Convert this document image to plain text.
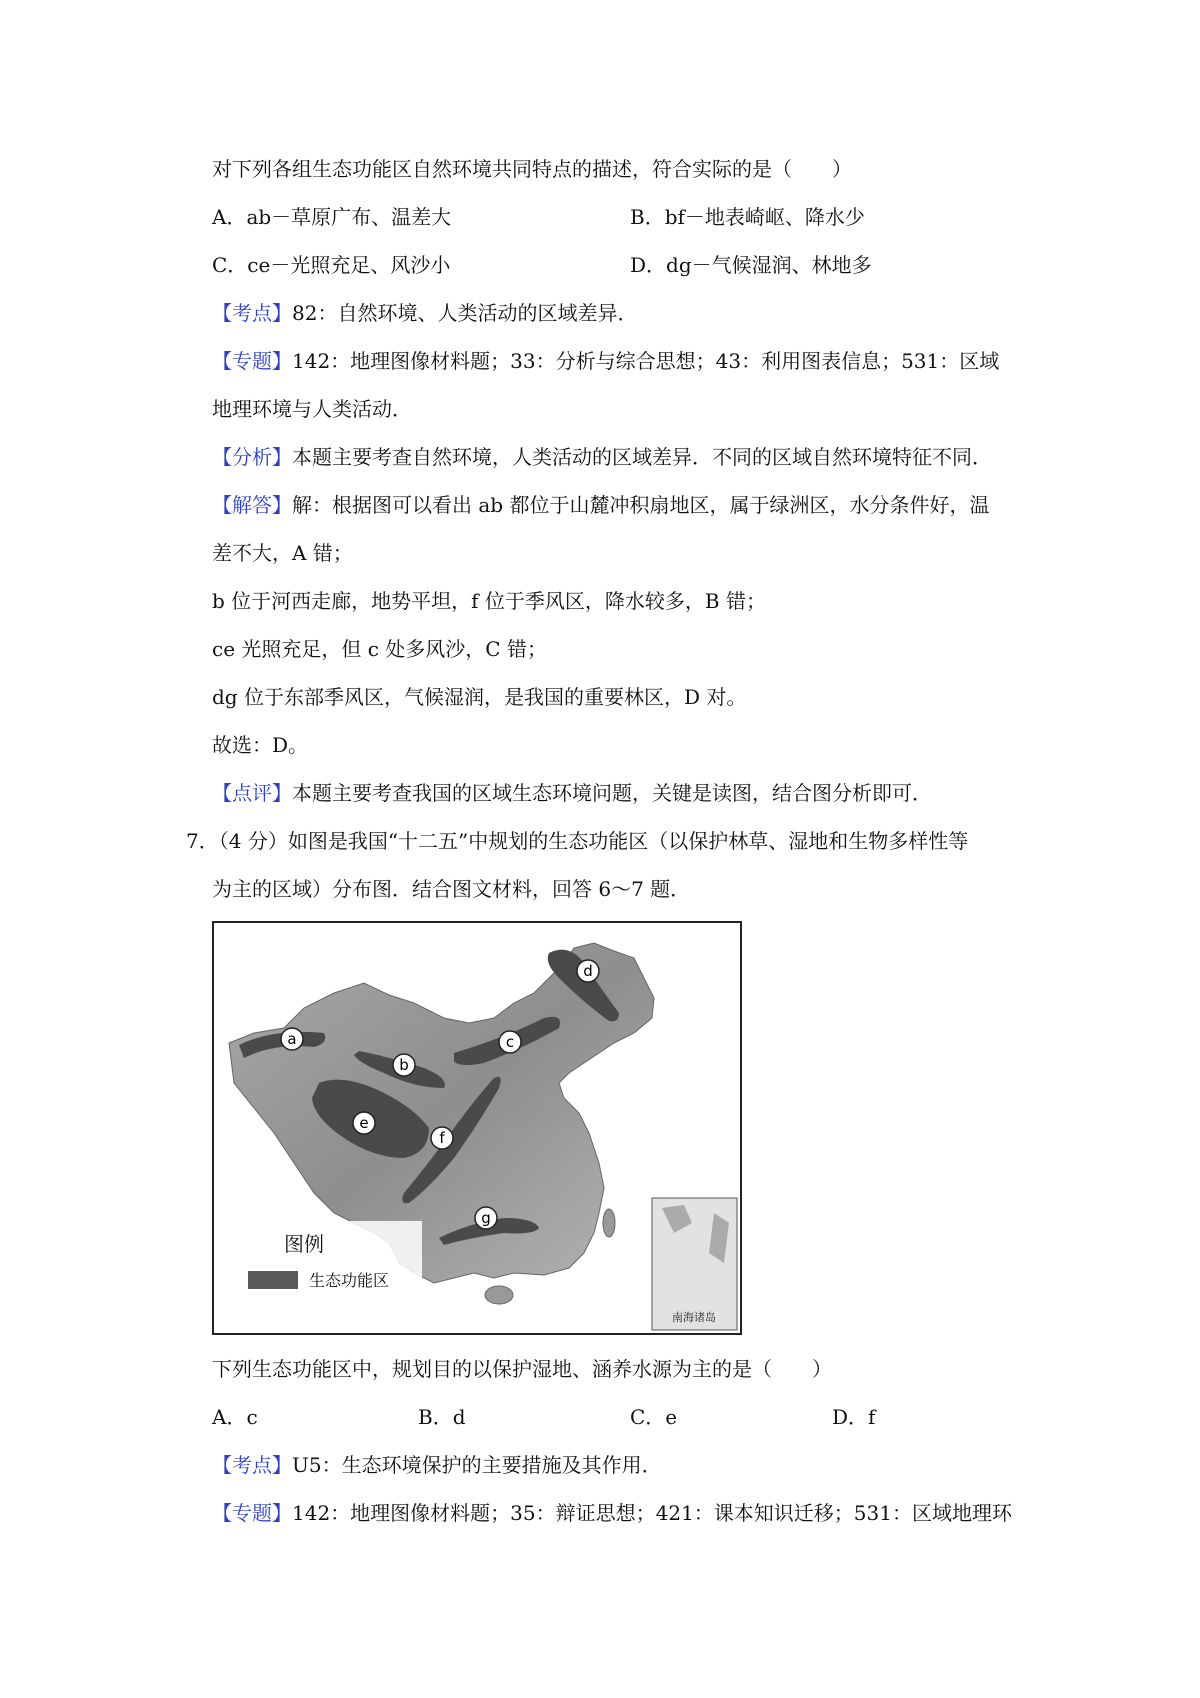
对下列各组生态功能区自然环境共同特点的描述，符合实际的是（　　）
A．ab－草原广布、温差大	B．bf－地表崎岖、降水少
C．ce－光照充足、风沙小	D．dg－气候湿润、林地多
【考点】82：自然环境、人类活动的区域差异．
【专题】142：地理图像材料题；33：分析与综合思想；43：利用图表信息；531：区域
地理环境与人类活动．
【分析】本题主要考查自然环境，人类活动的区域差异．不同的区域自然环境特征不同．
【解答】解：根据图可以看出 ab 都位于山麓冲积扇地区，属于绿洲区，水分条件好，温
差不大，A 错；
b 位于河西走廊，地势平坦，f 位于季风区，降水较多，B 错；
ce 光照充足，但 c 处多风沙，C 错；
dg 位于东部季风区，气候湿润，是我国的重要林区，D 对。
故选：D。
【点评】本题主要考查我国的区域生态环境问题，关键是读图，结合图分析即可．
7．（4 分）如图是我国“十二五”中规划的生态功能区（以保护林草、湿地和生物多样性等
为主的区域）分布图．结合图文材料，回答 6～7 题．
a
b
c
d
e
f
g
图例
生态功能区
南海诸岛
下列生态功能区中，规划目的以保护湿地、涵养水源为主的是（　　）
A．c	B．d	C．e	D．f
【考点】U5：生态环境保护的主要措施及其作用．
【专题】142：地理图像材料题；35：辩证思想；421：课本知识迁移；531：区域地理环
